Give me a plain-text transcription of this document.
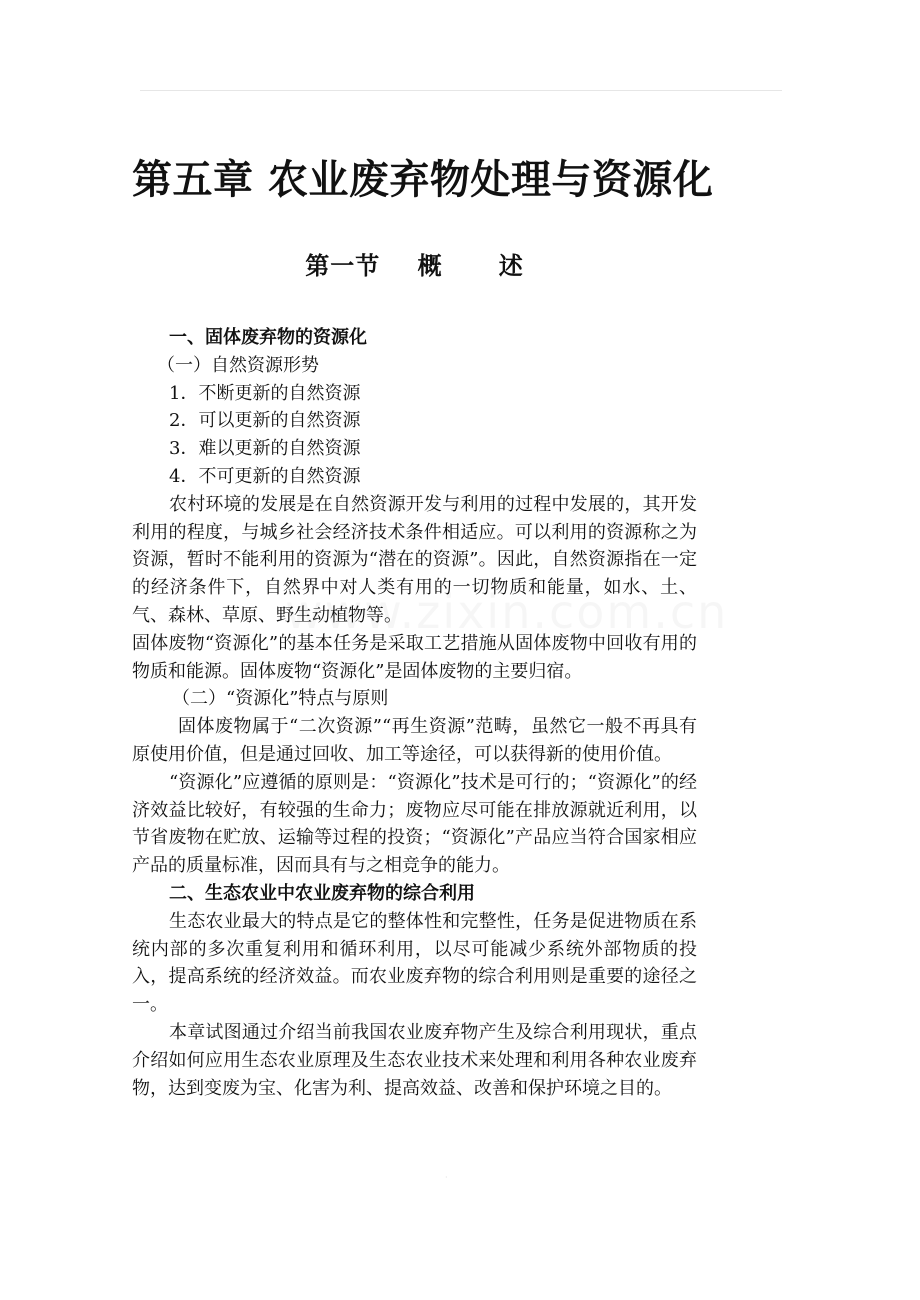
第五章 农业废弃物处理与资源化
第一节    概      述

一、固体废弃物的资源化

（一）自然资源形势

1．不断更新的自然资源

2．可以更新的自然资源

3．难以更新的自然资源

4．不可更新的自然资源

农村环境的发展是在自然资源开发与利用的过程中发展的，其开发利用的程度，与城乡社会经济技术条件相适应。可以利用的资源称之为资源，暂时不能利用的资源为“潜在的资源”。因此，自然资源指在一定的经济条件下，自然界中对人类有用的一切物质和能量，如水、土、气、森林、草原、野生动植物等。

固体废物“资源化”的基本任务是采取工艺措施从固体废物中回收有用的物质和能源。固体废物“资源化”是固体废物的主要归宿。

（二）“资源化”特点与原则

固体废物属于“二次资源”“再生资源”范畴，虽然它一般不再具有原使用价值，但是通过回收、加工等途径，可以获得新的使用价值。

“资源化”应遵循的原则是：“资源化”技术是可行的；“资源化”的经济效益比较好，有较强的生命力；废物应尽可能在排放源就近利用，以节省废物在贮放、运输等过程的投资；“资源化”产品应当符合国家相应产品的质量标准，因而具有与之相竞争的能力。

二、生态农业中农业废弃物的综合利用

生态农业最大的特点是它的整体性和完整性，任务是促进物质在系统内部的多次重复利用和循环利用，以尽可能减少系统外部物质的投入，提高系统的经济效益。而农业废弃物的综合利用则是重要的途径之一。

本章试图通过介绍当前我国农业废弃物产生及综合利用现状，重点介绍如何应用生态农业原理及生态农业技术来处理和利用各种农业废弃物，达到变废为宝、化害为利、提高效益、改善和保护环境之目的。

·
